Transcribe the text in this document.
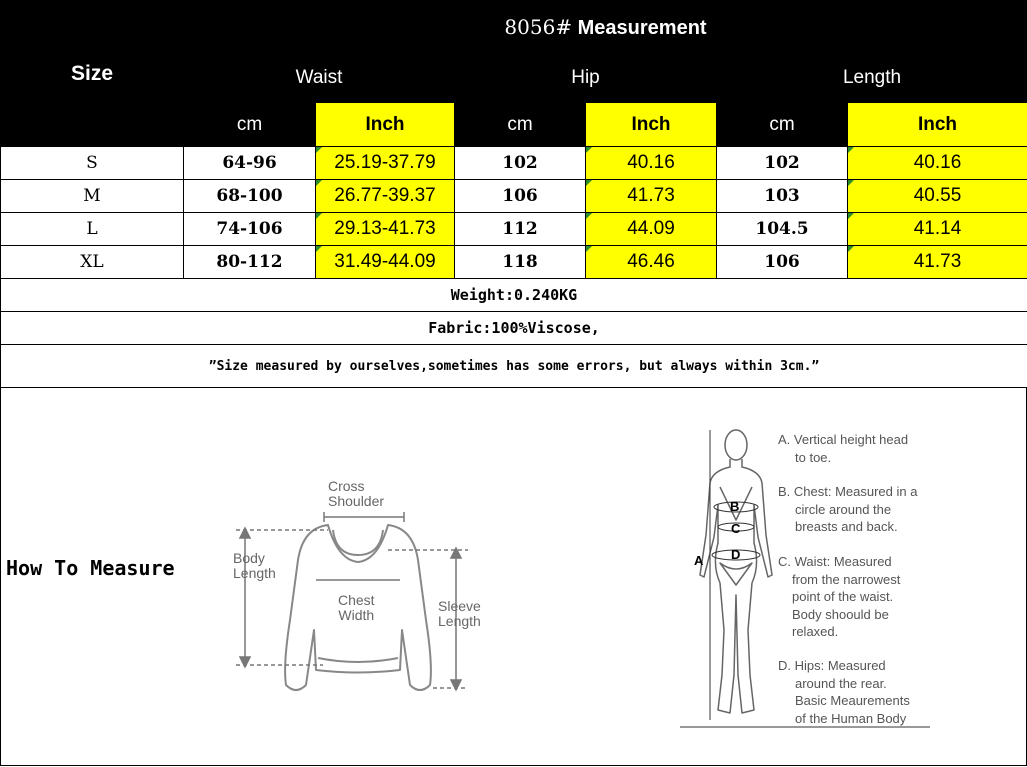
Size	8056# Measurement					
	Waist		Hip		Length	
	cm	Inch	cm	Inch	cm	Inch
S	64-96	25.19-37.79	102	40.16	102	40.16
M	68-100	26.77-39.37	106	41.73	103	40.55
L	74-106	29.13-41.73	112	44.09	104.5	41.14
XL	80-112	31.49-44.09	118	46.46	106	41.73
Weight:0.240KG						
Fabric:100%Viscose,						
”Size measured by ourselves,sometimes has some errors, but always within 3cm.”						
How To Measure
Cross
Shoulder
Body
Length
Chest
Width
Sleeve
Length
A
B
C
D
A. Vertical height head
to toe.
B. Chest: Measured in a
circle around the
breasts and back.
C. Waist: Measured
from the narrowest
point of the waist.
Body shoould be
relaxed.
D. Hips: Measured
around the rear.
Basic Meaurements
of the Human Body
